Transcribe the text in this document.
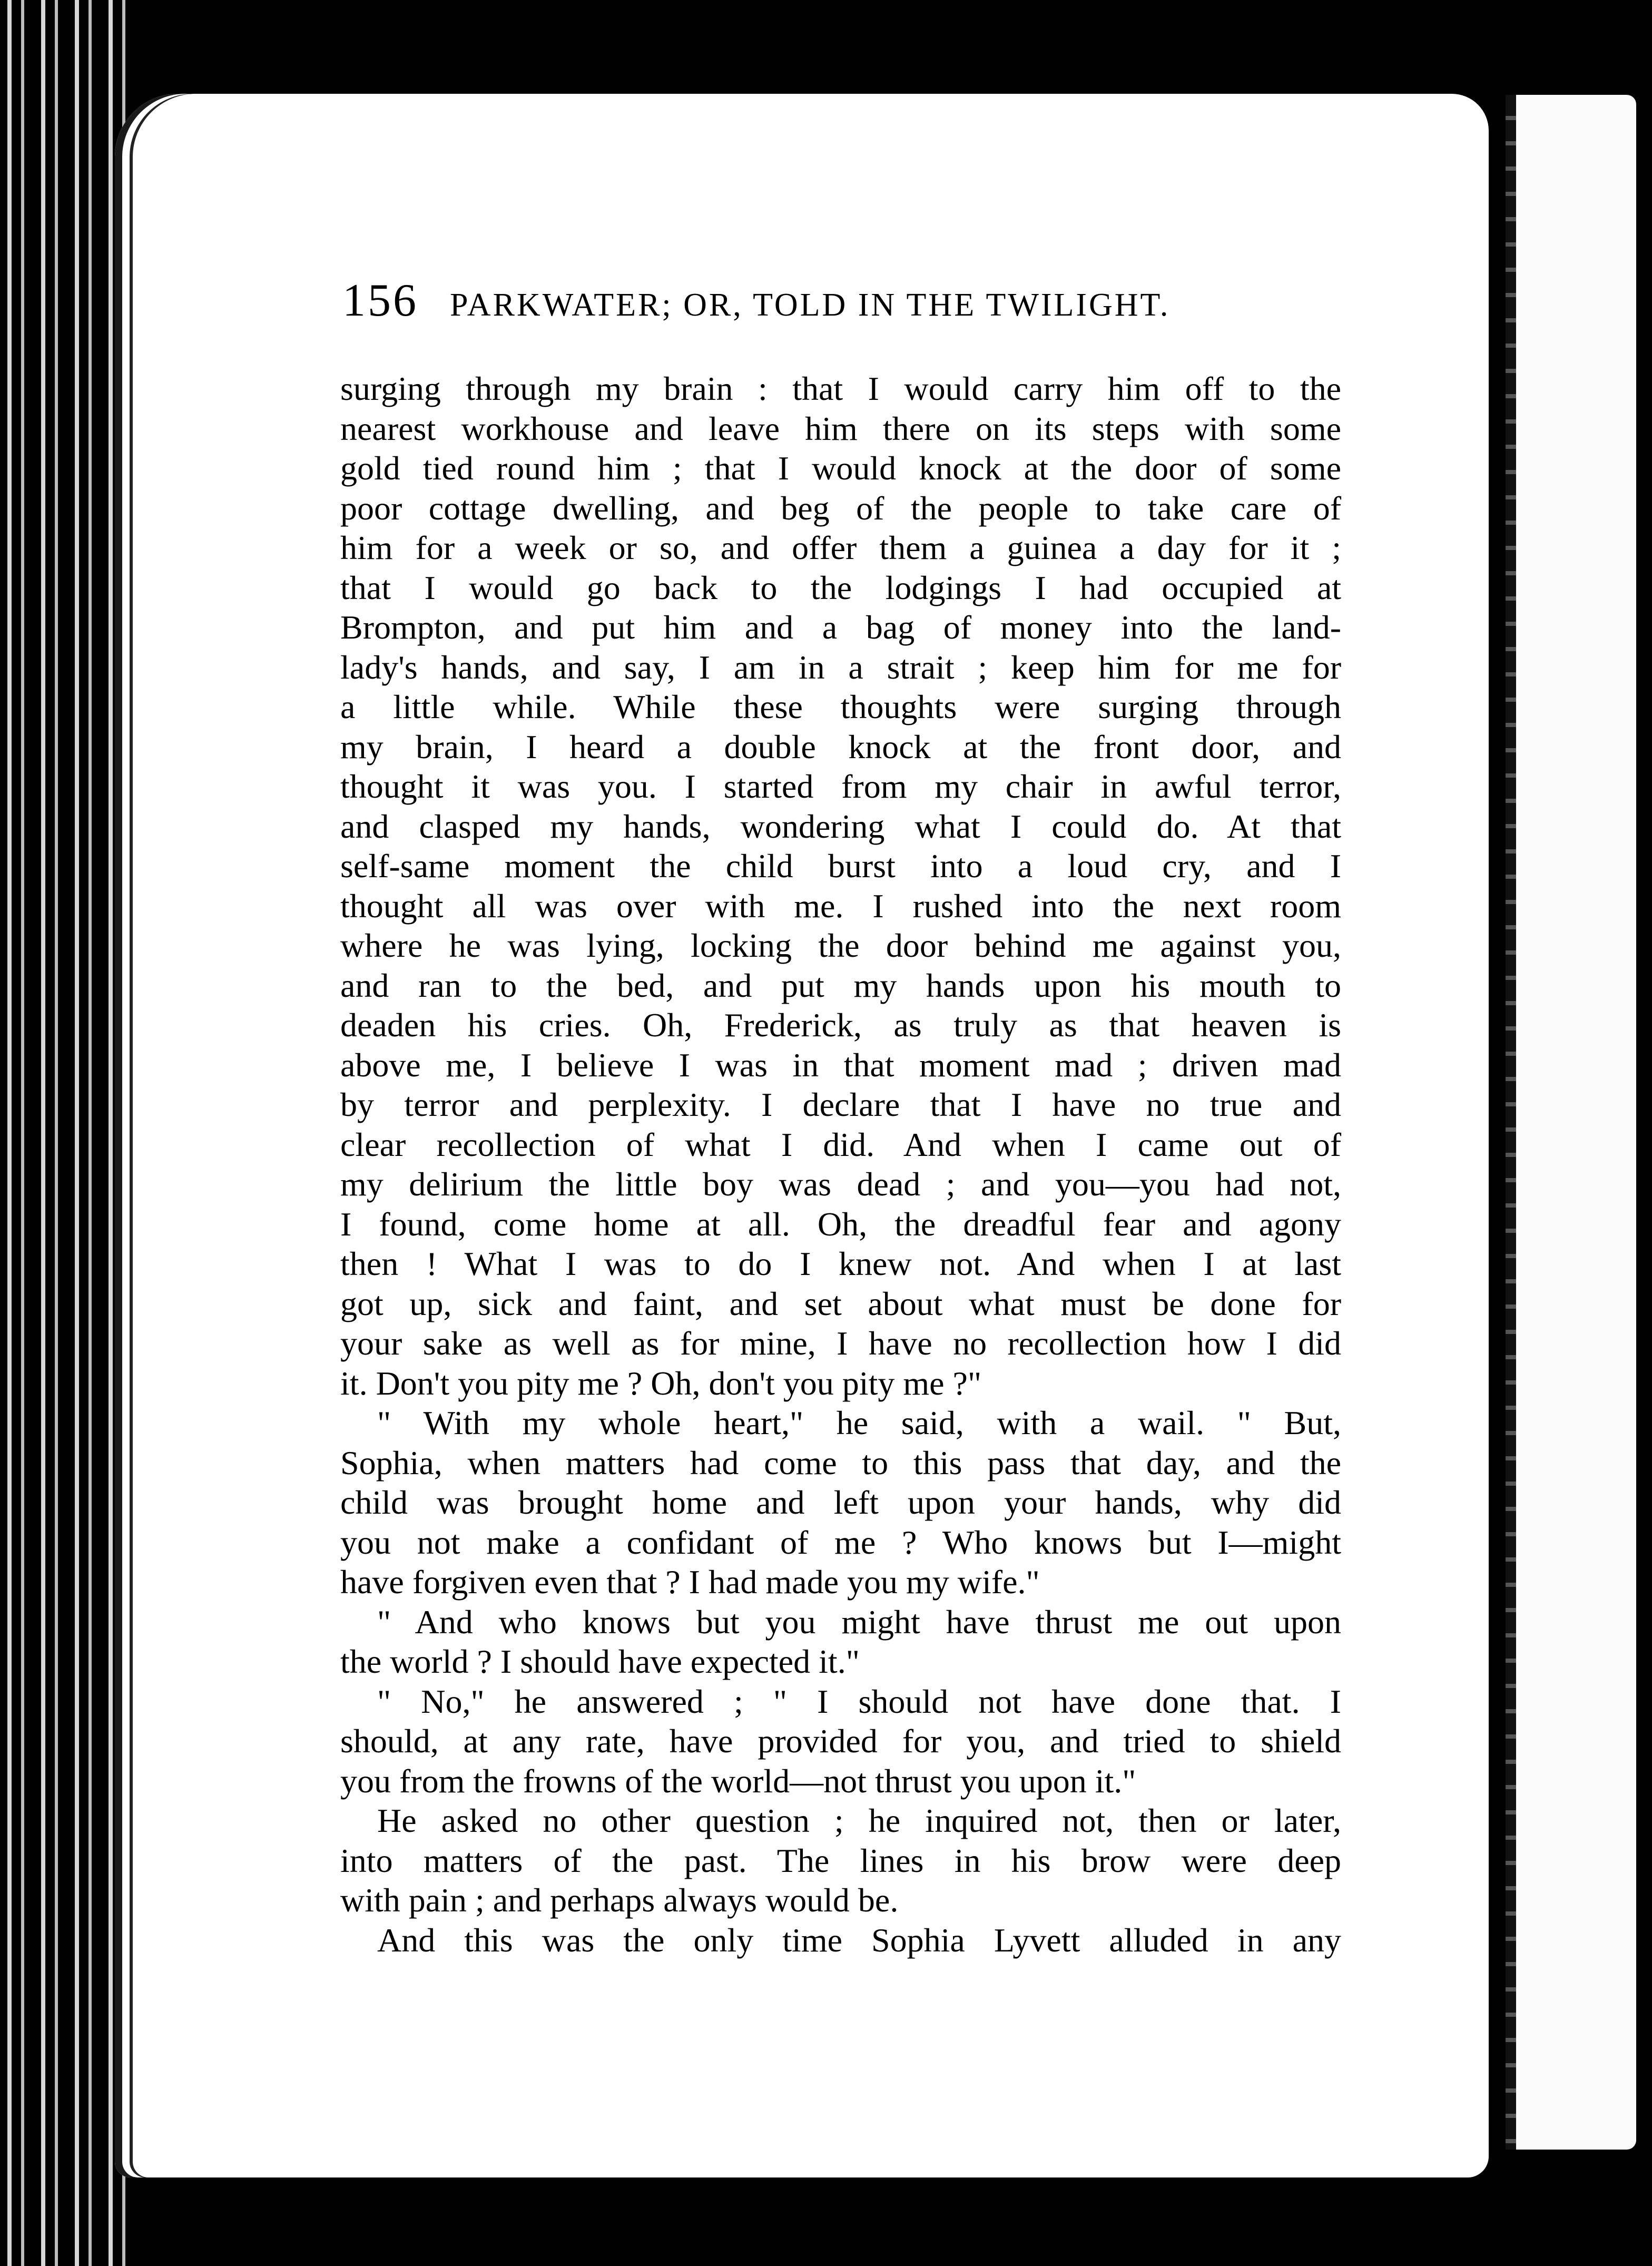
156 PARKWATER; OR, TOLD IN THE TWILIGHT.
surging through my brain : that I would carry him off to the
nearest workhouse and leave him there on its steps with some
gold tied round him ; that I would knock at the door of some
poor cottage dwelling, and beg of the people to take care of
him for a week or so, and offer them a guinea a day for it ;
that I would go back to the lodgings I had occupied at
Brompton, and put him and a bag of money into the land-
lady's hands, and say, I am in a strait ; keep him for me for
a little while. While these thoughts were surging through
my brain, I heard a double knock at the front door, and
thought it was you. I started from my chair in awful terror,
and clasped my hands, wondering what I could do. At that
self-same moment the child burst into a loud cry, and I
thought all was over with me. I rushed into the next room
where he was lying, locking the door behind me against you,
and ran to the bed, and put my hands upon his mouth to
deaden his cries. Oh, Frederick, as truly as that heaven is
above me, I believe I was in that moment mad ; driven mad
by terror and perplexity. I declare that I have no true and
clear recollection of what I did. And when I came out of
my delirium the little boy was dead ; and you—you had not,
I found, come home at all. Oh, the dreadful fear and agony
then ! What I was to do I knew not. And when I at last
got up, sick and faint, and set about what must be done for
your sake as well as for mine, I have no recollection how I did
it. Don't you pity me ? Oh, don't you pity me ?"
" With my whole heart," he said, with a wail. " But,
Sophia, when matters had come to this pass that day, and the
child was brought home and left upon your hands, why did
you not make a confidant of me ? Who knows but I—might
have forgiven even that ? I had made you my wife."
" And who knows but you might have thrust me out upon
the world ? I should have expected it."
" No," he answered ; " I should not have done that. I
should, at any rate, have provided for you, and tried to shield
you from the frowns of the world—not thrust you upon it."
He asked no other question ; he inquired not, then or later,
into matters of the past. The lines in his brow were deep
with pain ; and perhaps always would be.
And this was the only time Sophia Lyvett alluded in any
